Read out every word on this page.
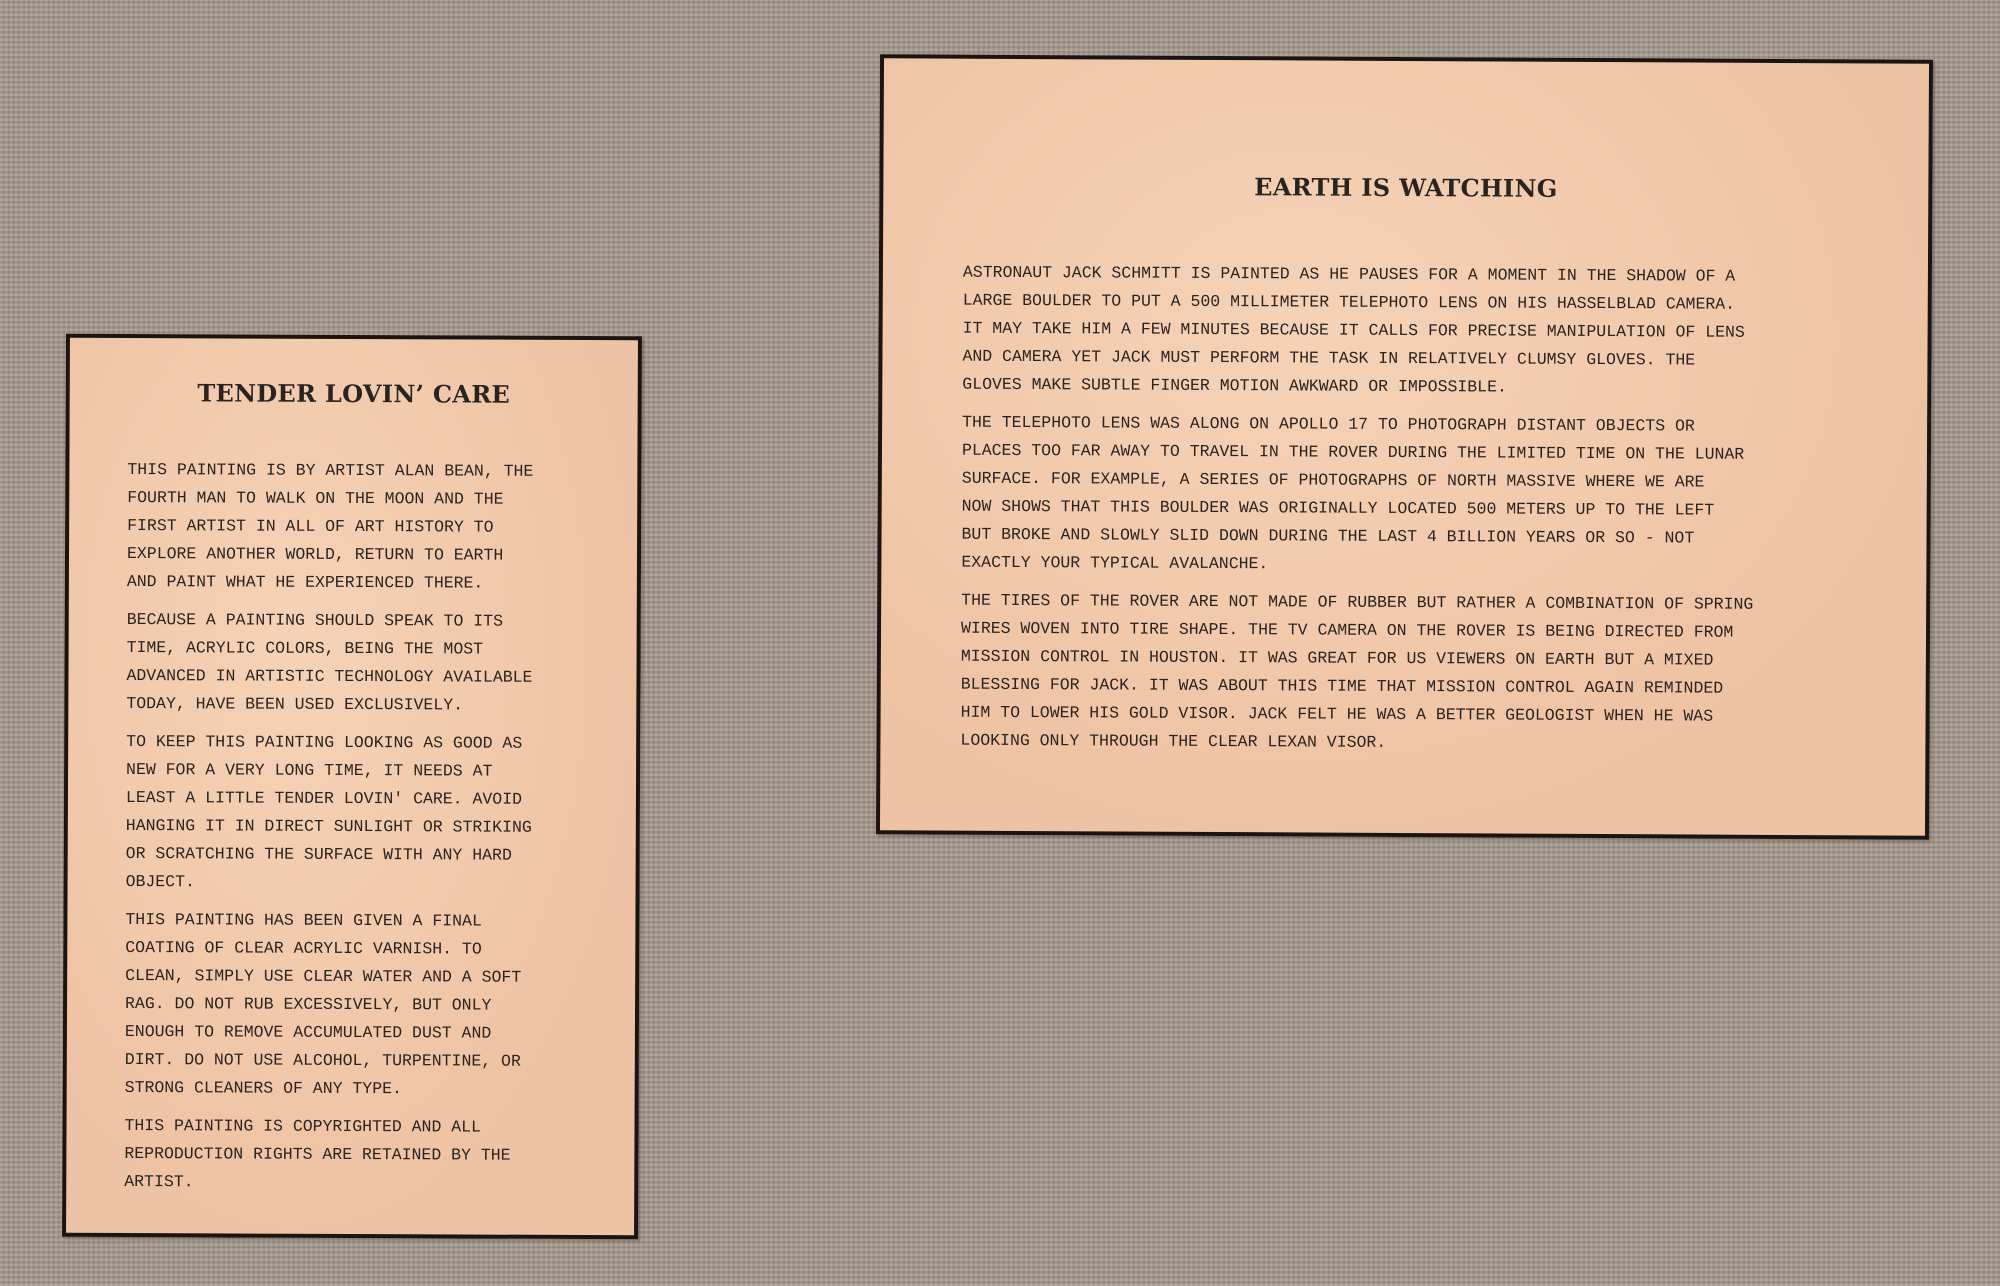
TENDER LOVIN’ CARE

THIS PAINTING IS BY ARTIST ALAN BEAN, THE
FOURTH MAN TO WALK ON THE MOON AND THE
FIRST ARTIST IN ALL OF ART HISTORY TO
EXPLORE ANOTHER WORLD, RETURN TO EARTH
AND PAINT WHAT HE EXPERIENCED THERE.

BECAUSE A PAINTING SHOULD SPEAK TO ITS
TIME, ACRYLIC COLORS, BEING THE MOST
ADVANCED IN ARTISTIC TECHNOLOGY AVAILABLE
TODAY, HAVE BEEN USED EXCLUSIVELY.

TO KEEP THIS PAINTING LOOKING AS GOOD AS
NEW FOR A VERY LONG TIME, IT NEEDS AT
LEAST A LITTLE TENDER LOVIN' CARE. AVOID
HANGING IT IN DIRECT SUNLIGHT OR STRIKING
OR SCRATCHING THE SURFACE WITH ANY HARD
OBJECT.

THIS PAINTING HAS BEEN GIVEN A FINAL
COATING OF CLEAR ACRYLIC VARNISH. TO
CLEAN, SIMPLY USE CLEAR WATER AND A SOFT
RAG. DO NOT RUB EXCESSIVELY, BUT ONLY
ENOUGH TO REMOVE ACCUMULATED DUST AND
DIRT. DO NOT USE ALCOHOL, TURPENTINE, OR
STRONG CLEANERS OF ANY TYPE.

THIS PAINTING IS COPYRIGHTED AND ALL
REPRODUCTION RIGHTS ARE RETAINED BY THE
ARTIST.

EARTH IS WATCHING

ASTRONAUT JACK SCHMITT IS PAINTED AS HE PAUSES FOR A MOMENT IN THE SHADOW OF A
LARGE BOULDER TO PUT A 500 MILLIMETER TELEPHOTO LENS ON HIS HASSELBLAD CAMERA.
IT MAY TAKE HIM A FEW MINUTES BECAUSE IT CALLS FOR PRECISE MANIPULATION OF LENS
AND CAMERA YET JACK MUST PERFORM THE TASK IN RELATIVELY CLUMSY GLOVES. THE
GLOVES MAKE SUBTLE FINGER MOTION AWKWARD OR IMPOSSIBLE.

THE TELEPHOTO LENS WAS ALONG ON APOLLO 17 TO PHOTOGRAPH DISTANT OBJECTS OR
PLACES TOO FAR AWAY TO TRAVEL IN THE ROVER DURING THE LIMITED TIME ON THE LUNAR
SURFACE. FOR EXAMPLE, A SERIES OF PHOTOGRAPHS OF NORTH MASSIVE WHERE WE ARE
NOW SHOWS THAT THIS BOULDER WAS ORIGINALLY LOCATED 500 METERS UP TO THE LEFT
BUT BROKE AND SLOWLY SLID DOWN DURING THE LAST 4 BILLION YEARS OR SO - NOT
EXACTLY YOUR TYPICAL AVALANCHE.

THE TIRES OF THE ROVER ARE NOT MADE OF RUBBER BUT RATHER A COMBINATION OF SPRING
WIRES WOVEN INTO TIRE SHAPE. THE TV CAMERA ON THE ROVER IS BEING DIRECTED FROM
MISSION CONTROL IN HOUSTON. IT WAS GREAT FOR US VIEWERS ON EARTH BUT A MIXED
BLESSING FOR JACK. IT WAS ABOUT THIS TIME THAT MISSION CONTROL AGAIN REMINDED
HIM TO LOWER HIS GOLD VISOR. JACK FELT HE WAS A BETTER GEOLOGIST WHEN HE WAS
LOOKING ONLY THROUGH THE CLEAR LEXAN VISOR.
